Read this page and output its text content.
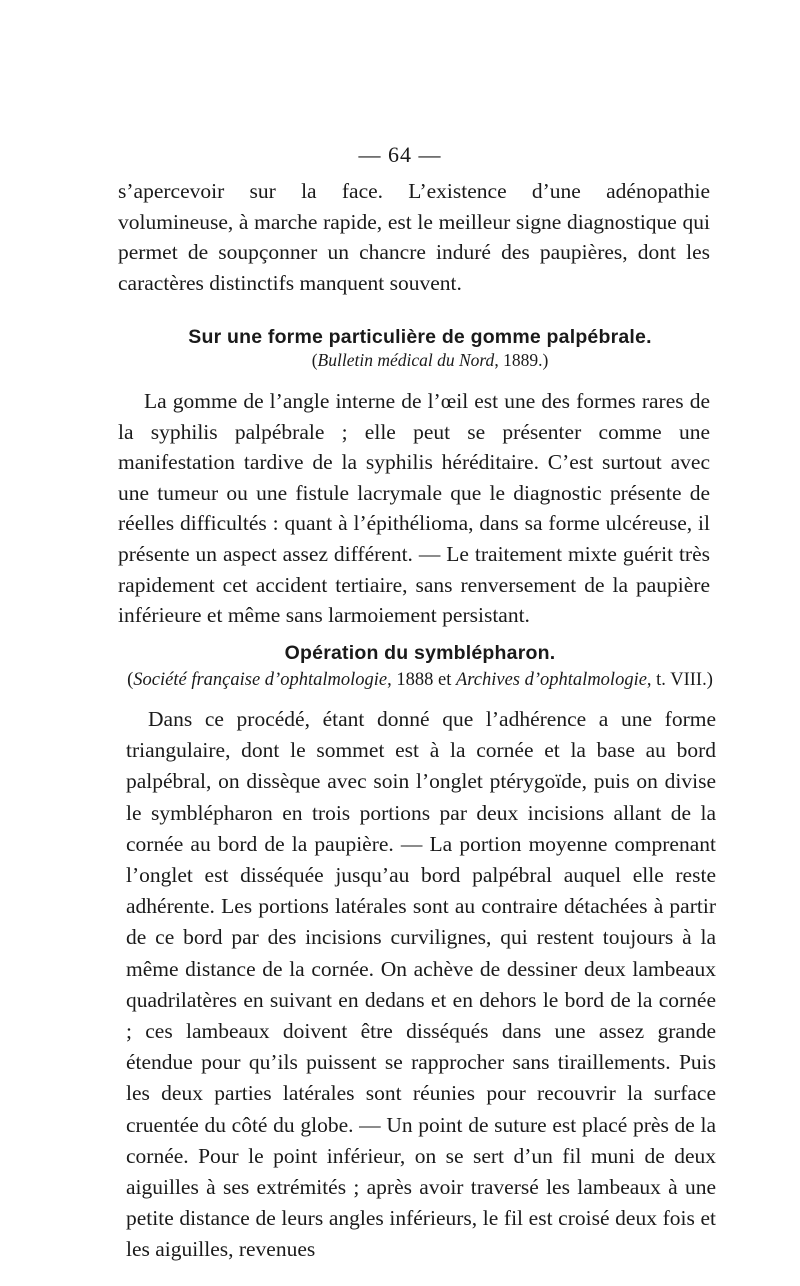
— 64 —

s’apercevoir sur la face. L’existence d’une adénopathie volumineuse, à marche rapide, est le meilleur signe diagnostique qui permet de soupçonner un chancre induré des paupières, dont les caractères distinctifs manquent souvent.

Sur une forme particulière de gomme palpébrale.
(Bulletin médical du Nord, 1889.)

La gomme de l’angle interne de l’œil est une des formes rares de la syphilis palpébrale ; elle peut se présenter comme une manifestation tardive de la syphilis héréditaire. C’est surtout avec une tumeur ou une fistule lacrymale que le diagnostic présente de réelles difficultés : quant à l’épithélioma, dans sa forme ulcéreuse, il présente un aspect assez différent. — Le traitement mixte guérit très rapidement cet accident tertiaire, sans renversement de la paupière inférieure et même sans larmoiement persistant.

Opération du symblépharon.
(Société française d’ophtalmologie, 1888 et Archives d’ophtalmologie, t. VIII.)

Dans ce procédé, étant donné que l’adhérence a une forme triangulaire, dont le sommet est à la cornée et la base au bord palpébral, on dissèque avec soin l’onglet ptérygoïde, puis on divise le symblépharon en trois portions par deux incisions allant de la cornée au bord de la paupière. — La portion moyenne comprenant l’onglet est disséquée jusqu’au bord palpébral auquel elle reste adhérente. Les portions latérales sont au contraire détachées à partir de ce bord par des incisions curvilignes, qui restent toujours à la même distance de la cornée. On achève de dessiner deux lambeaux quadrilatères en suivant en dedans et en dehors le bord de la cornée ; ces lambeaux doivent être disséqués dans une assez grande étendue pour qu’ils puissent se rapprocher sans tiraillements. Puis les deux parties latérales sont réunies pour recouvrir la surface cruentée du côté du globe. — Un point de suture est placé près de la cornée. Pour le point inférieur, on se sert d’un fil muni de deux aiguilles à ses extrémités ; après avoir traversé les lambeaux à une petite distance de leurs angles inférieurs, le fil est croisé deux fois et les aiguilles, revenues
